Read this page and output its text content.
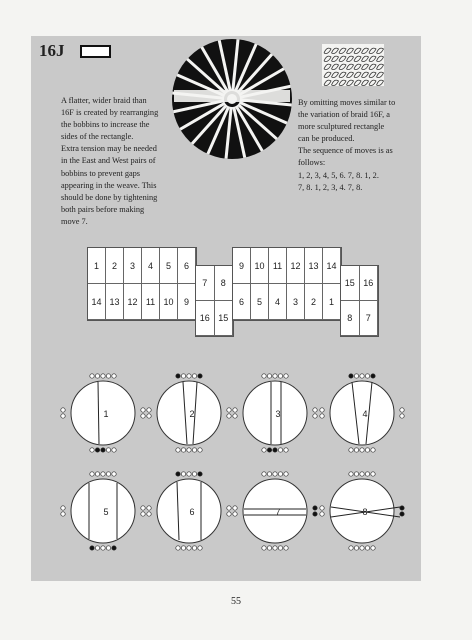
16J

A flatter, wider braid than
16F is created by rearranging
the bobbins to increase the
sides of the rectangle.

Extra tension may be needed
in the East and West pairs of
bobbins to prevent gaps
appearing in the weave. This
should be done by tightening
both pairs before making
move 7.

By omitting moves similar to
the variation of braid 16F, a
more sculptured rectangle
can be produced.

The sequence of moves is as
follows:
1, 2, 3, 4, 5, 6. 7, 8. 1, 2.
7, 8. 1, 2, 3, 4. 7, 8.

1	2	3	4	5	6
14 13 12 11 10	9
7	8
16 15
9	10 11 12 13 14
6	5	4	3	2	1
15 16
8	7
1	2	3	4
5	6	7	8
55
